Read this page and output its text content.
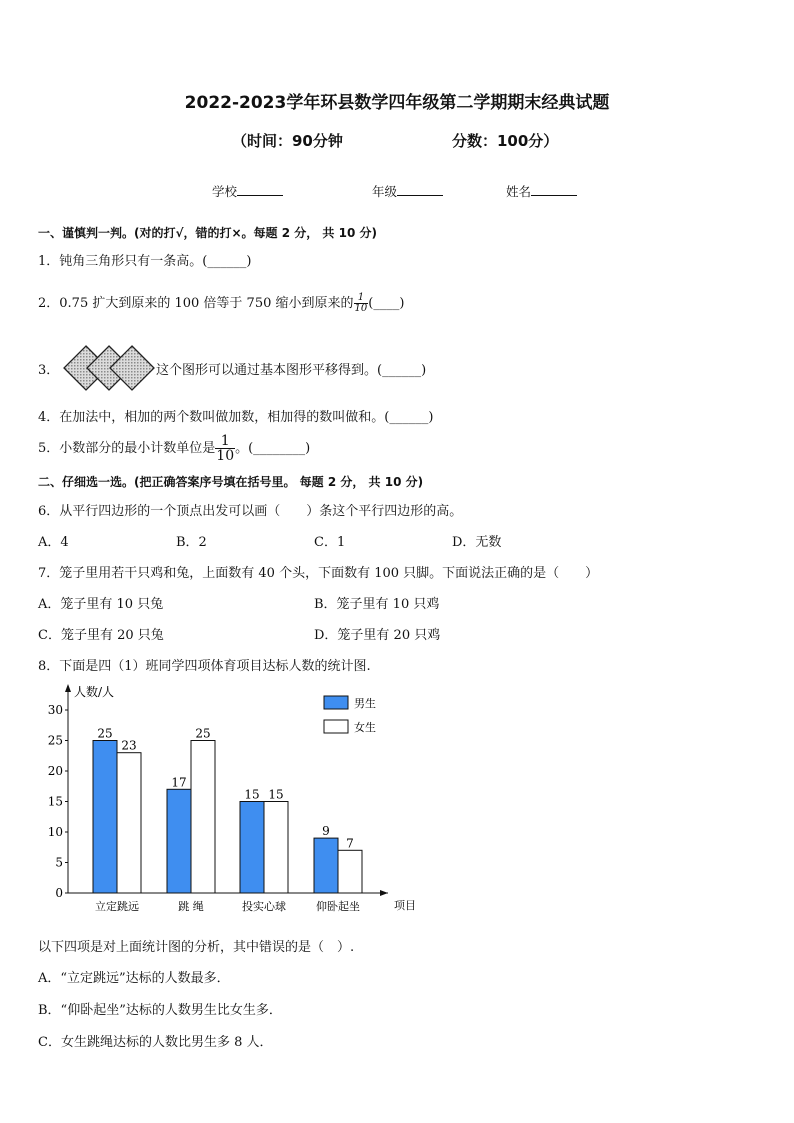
2022-2023学年环县数学四年级第二学期期末经典试题
（时间：90分钟	分数：100分）
学校	年级	姓名
一、谨慎判一判。(对的打√，错的打×。每题 2 分， 共 10 分)
1．钝角三角形只有一条高。(______)
2．0.75 扩大到原来的 100 倍等于 750 缩小到原来的 $\frac{1}{10}$ (____)
3．	这个图形可以通过基本图形平移得到。(______)
4．在加法中，相加的两个数叫做加数，相加得的数叫做和。(______)
5．小数部分的最小计数单位是 $\frac{1}{10}$ 。(________)
二、仔细选一选。(把正确答案序号填在括号里。 每题 2 分， 共 10 分)
6．从平行四边形的一个顶点出发可以画（　　）条这个平行四边形的高。
A．4	B．2	C．1	D．无数
7．笼子里用若干只鸡和兔，上面数有 40 个头，下面数有 100 只脚。下面说法正确的是（　　）
A．笼子里有 10 只兔	B．笼子里有 10 只鸡
C．笼子里有 20 只兔	D．笼子里有 20 只鸡
8．下面是四（1）班同学四项体育项目达标人数的统计图.
人数/人
项目
0
5
10
15
20
25
30
25
23
立定跳远
17
25
跳 绳
15 15
投实心球
9
7
仰卧起坐
男生
女生
以下四项是对上面统计图的分析，其中错误的是（　）.
A．“立定跳远”达标的人数最多．
B．“仰卧起坐”达标的人数男生比女生多．
C．女生跳绳达标的人数比男生多 8 人．
